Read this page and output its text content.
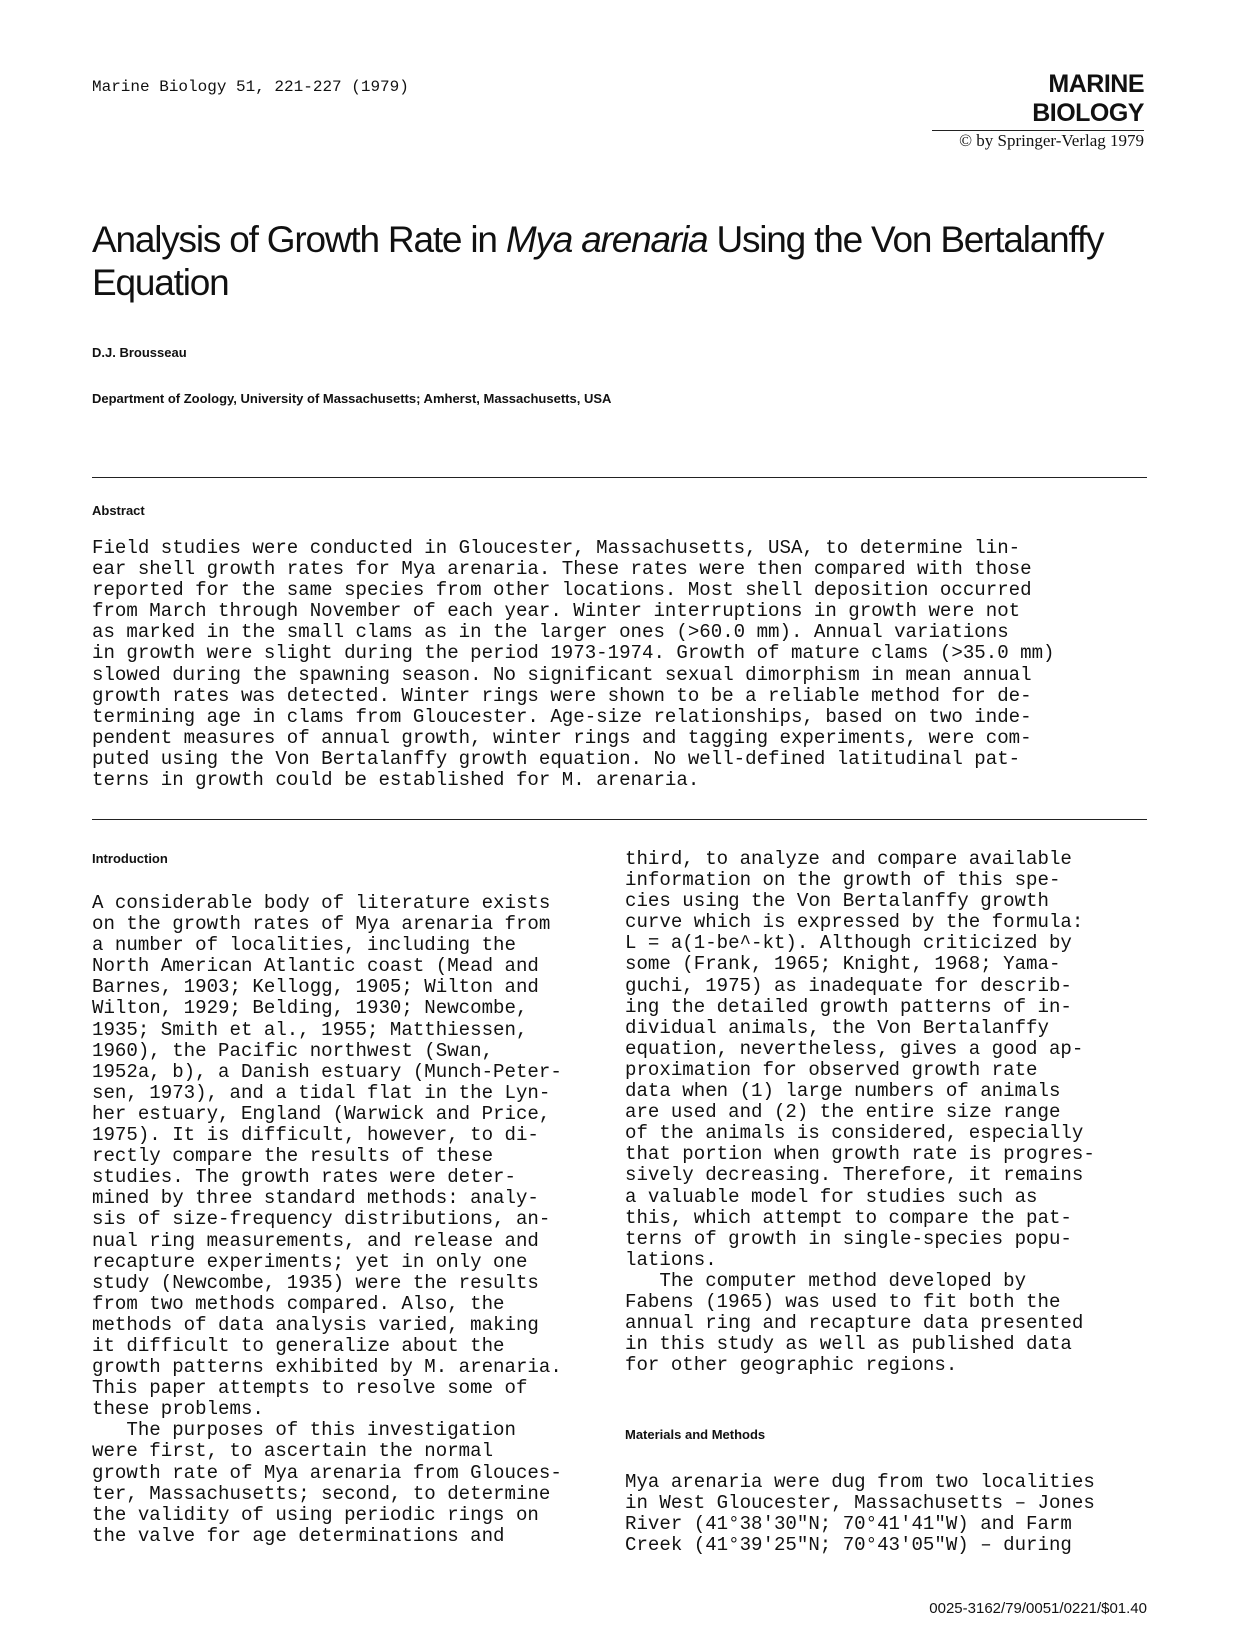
Marine Biology 51, 221-227 (1979)	MARINE BIOLOGY
© by Springer-Verlag 1979
Analysis of Growth Rate in Mya arenaria Using the Von Bertalanffy Equation
D.J. Brousseau
Department of Zoology, University of Massachusetts; Amherst, Massachusetts, USA
Abstract
Field studies were conducted in Gloucester, Massachusetts, USA, to determine lin-
ear shell growth rates for Mya arenaria. These rates were then compared with those
reported for the same species from other locations. Most shell deposition occurred
from March through November of each year. Winter interruptions in growth were not
as marked in the small clams as in the larger ones (>60.0 mm). Annual variations
in growth were slight during the period 1973-1974. Growth of mature clams (>35.0 mm)
slowed during the spawning season. No significant sexual dimorphism in mean annual
growth rates was detected. Winter rings were shown to be a reliable method for de-
termining age in clams from Gloucester. Age-size relationships, based on two inde-
pendent measures of annual growth, winter rings and tagging experiments, were com-
puted using the Von Bertalanffy growth equation. No well-defined latitudinal pat-
terns in growth could be established for M. arenaria.
Introduction
A considerable body of literature exists
on the growth rates of Mya arenaria from
a number of localities, including the
North American Atlantic coast (Mead and
Barnes, 1903; Kellogg, 1905; Wilton and
Wilton, 1929; Belding, 1930; Newcombe,
1935; Smith et al., 1955; Matthiessen,
1960), the Pacific northwest (Swan,
1952a, b), a Danish estuary (Munch-Peter-
sen, 1973), and a tidal flat in the Lyn-
her estuary, England (Warwick and Price,
1975). It is difficult, however, to di-
rectly compare the results of these
studies. The growth rates were deter-
mined by three standard methods: analy-
sis of size-frequency distributions, an-
nual ring measurements, and release and
recapture experiments; yet in only one
study (Newcombe, 1935) were the results
from two methods compared. Also, the
methods of data analysis varied, making
it difficult to generalize about the
growth patterns exhibited by M. arenaria.
This paper attempts to resolve some of
these problems.
The purposes of this investigation
were first, to ascertain the normal
growth rate of Mya arenaria from Glouces-
ter, Massachusetts; second, to determine
the validity of using periodic rings on
the valve for age determinations and
third, to analyze and compare available
information on the growth of this spe-
cies using the Von Bertalanffy growth
curve which is expressed by the formula:
L = a(1-be^-kt). Although criticized by
some (Frank, 1965; Knight, 1968; Yama-
guchi, 1975) as inadequate for describ-
ing the detailed growth patterns of in-
dividual animals, the Von Bertalanffy
equation, nevertheless, gives a good ap-
proximation for observed growth rate
data when (1) large numbers of animals
are used and (2) the entire size range
of the animals is considered, especially
that portion when growth rate is progres-
sively decreasing. Therefore, it remains
a valuable model for studies such as
this, which attempt to compare the pat-
terns of growth in single-species popu-
lations.
The computer method developed by
Fabens (1965) was used to fit both the
annual ring and recapture data presented
in this study as well as published data
for other geographic regions.
Materials and Methods
Mya arenaria were dug from two localities
in West Gloucester, Massachusetts – Jones
River (41°38'30"N; 70°41'41"W) and Farm
Creek (41°39'25"N; 70°43'05"W) – during
0025-3162/79/0051/0221/$01.40
